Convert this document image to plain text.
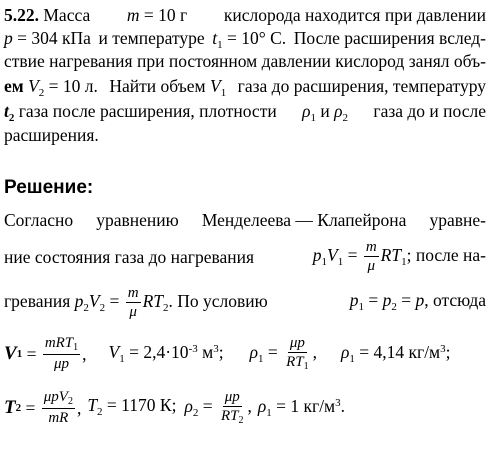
5.22. Масса m = 10 г кислорода находится при давлении
p = 304 кПа и температуре $t_1 = 10^\circ$ С. После расширения вслед-
ствие нагревания при постоянном давлении кислород занял объ-
ем $V_2 = 10$ л. Найти объем $V_1$ газа до расширения, температуру
$t_2$ газа после расширения, плотности $\rho_1$ и $\rho_2$ газа до и после
расширения.
Решение:
Согласно уравнению Менделеева — Клапейрона уравне-
ние состояния газа до нагревания	$p_1V_1 = \frac{m}{\mu} RT_1$; после на-
гревания $p_2V_2 = \frac{m}{\mu} RT_2$. По условию	$p_1 = p_2 = p$, отсюда
V $1 = \frac{mRT_1}{\mu p}$ , $V_1 = 2,4\cdot 10^{-3}$ $м^3$; $\rho_1 = \frac{\mu p}{RT_1}$ , $\rho_1 = 4,14$ $кг/м^3$;
T $2 = \frac{\mu pV_2}{mR}$ , $T_2 = 1170$ К; $\rho_2 = \frac{\mu p}{RT_2}$ , $\rho_1 = 1$ $кг/м^3$.
